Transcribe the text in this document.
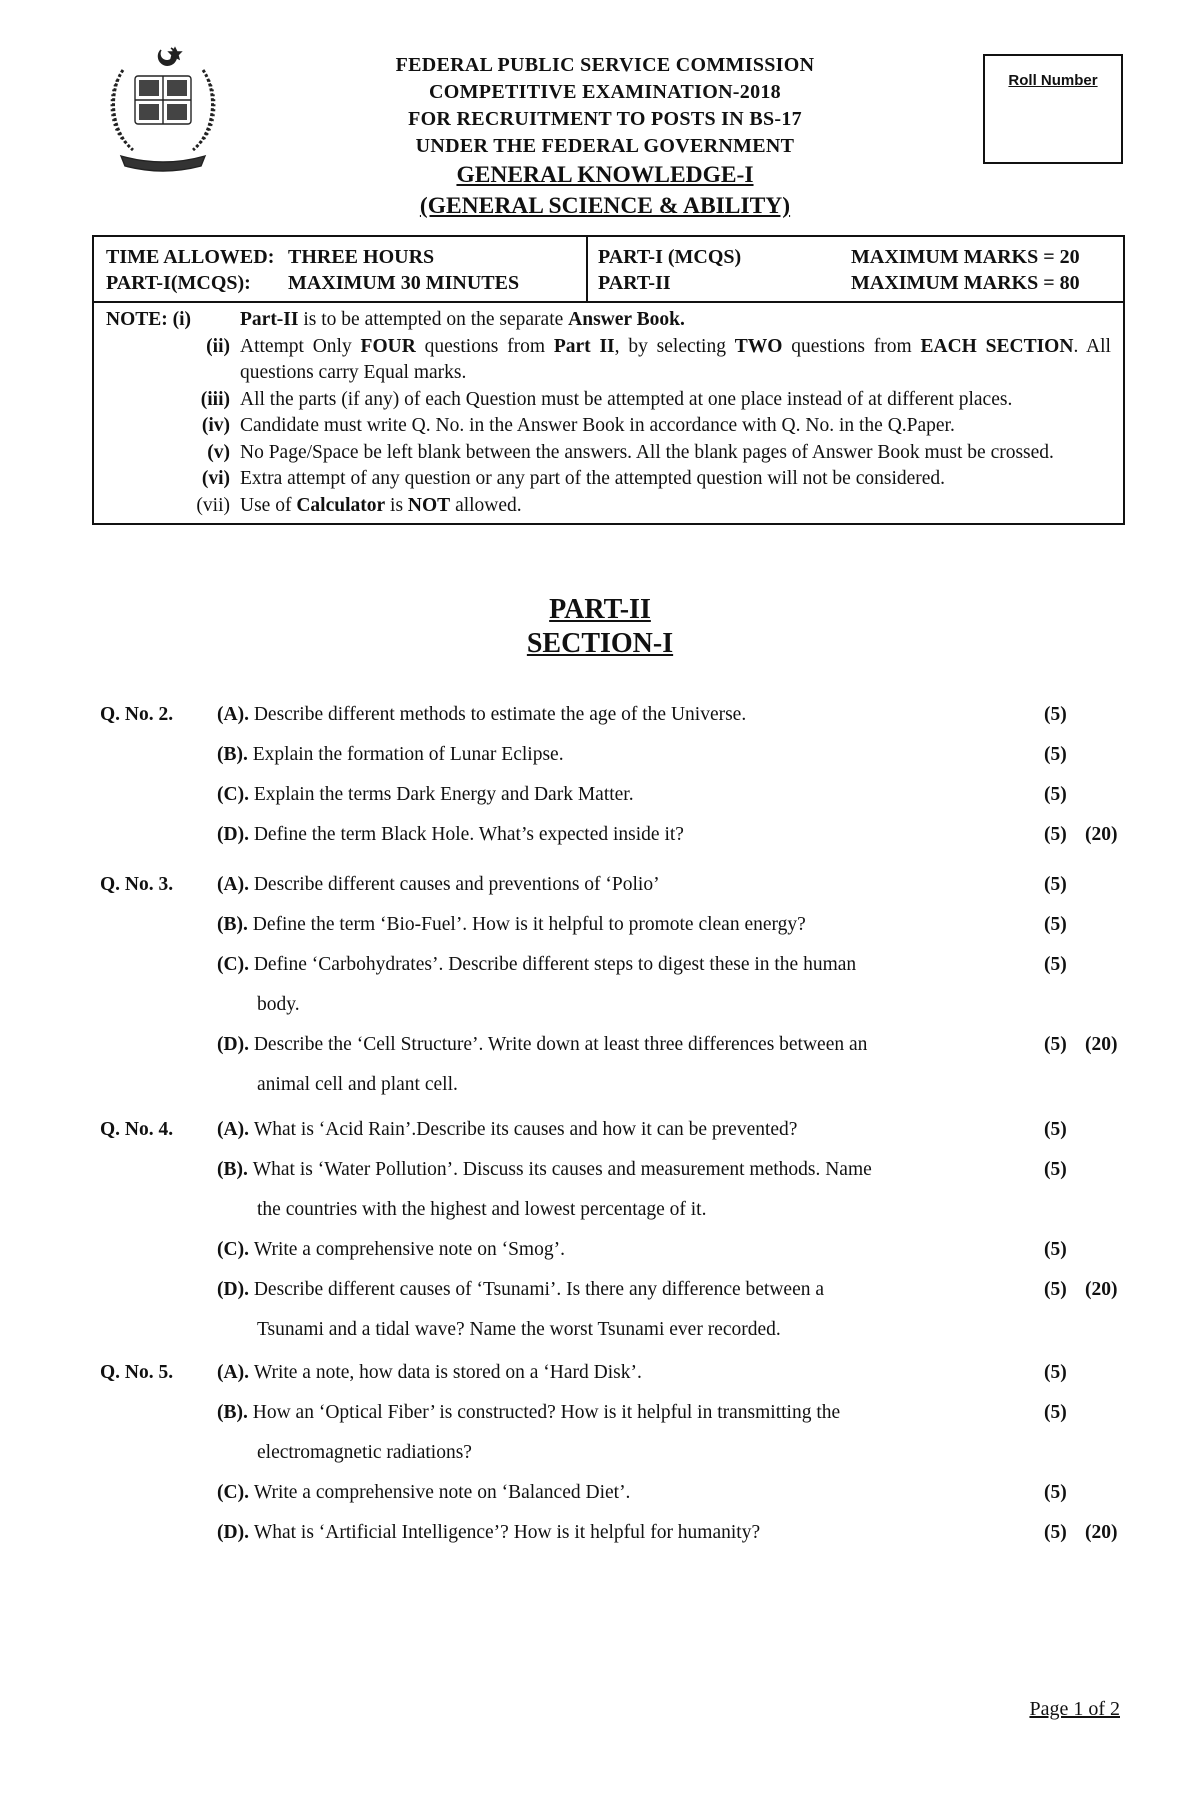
FEDERAL PUBLIC SERVICE COMMISSION
COMPETITIVE EXAMINATION-2018
FOR RECRUITMENT TO POSTS IN BS-17
UNDER THE FEDERAL GOVERNMENT
GENERAL KNOWLEDGE-I
(GENERAL SCIENCE & ABILITY)
Roll Number
TIME ALLOWED: THREE HOURS
PART-I(MCQS):	MAXIMUM 30 MINUTES
PART-I (MCQS)	MAXIMUM MARKS = 20
PART-II	MAXIMUM MARKS = 80
NOTE: (i)	Part-II is to be attempted on the separate Answer Book.
(ii) Attempt Only FOUR questions from Part II, by selecting TWO questions from EACH SECTION. All questions carry Equal marks.
(iii) All the parts (if any) of each Question must be attempted at one place instead of at different places.
(iv) Candidate must write Q. No. in the Answer Book in accordance with Q. No. in the Q.Paper.
(v) No Page/Space be left blank between the answers. All the blank pages of Answer Book must be crossed.
(vi) Extra attempt of any question or any part of the attempted question will not be considered.
(vii) Use of Calculator is NOT allowed.
PART-II
SECTION-I
Q. No. 2.	(A). Describe different methods to estimate the age of the Universe.	(5)
(B). Explain the formation of Lunar Eclipse.	(5)
(C). Explain the terms Dark Energy and Dark Matter.	(5)
(D). Define the term Black Hole. What’s expected inside it?	(5) (20)
Q. No. 3.	(A). Describe different causes and preventions of ‘Polio’	(5)
(B). Define the term ‘Bio-Fuel’. How is it helpful to promote clean energy?	(5)
(C). Define ‘Carbohydrates’. Describe different steps to digest these in the human
body.
(5)
(D). Describe the ‘Cell Structure’. Write down at least three differences between an
animal cell and plant cell.
(5) (20)
Q. No. 4.	(A). What is ‘Acid Rain’.Describe its causes and how it can be prevented?	(5)
(B). What is ‘Water Pollution’. Discuss its causes and measurement methods. Name
the countries with the highest and lowest percentage of it.
(5)
(C). Write a comprehensive note on ‘Smog’.	(5)
(D). Describe different causes of ‘Tsunami’. Is there any difference between a
Tsunami and a tidal wave? Name the worst Tsunami ever recorded.
(5) (20)
Q. No. 5.	(A). Write a note, how data is stored on a ‘Hard Disk’.	(5)
(B). How an ‘Optical Fiber’ is constructed? How is it helpful in transmitting the
electromagnetic radiations?
(5)
(C). Write a comprehensive note on ‘Balanced Diet’.	(5)
(D). What is ‘Artificial Intelligence’? How is it helpful for humanity?	(5) (20)
Page 1 of 2
